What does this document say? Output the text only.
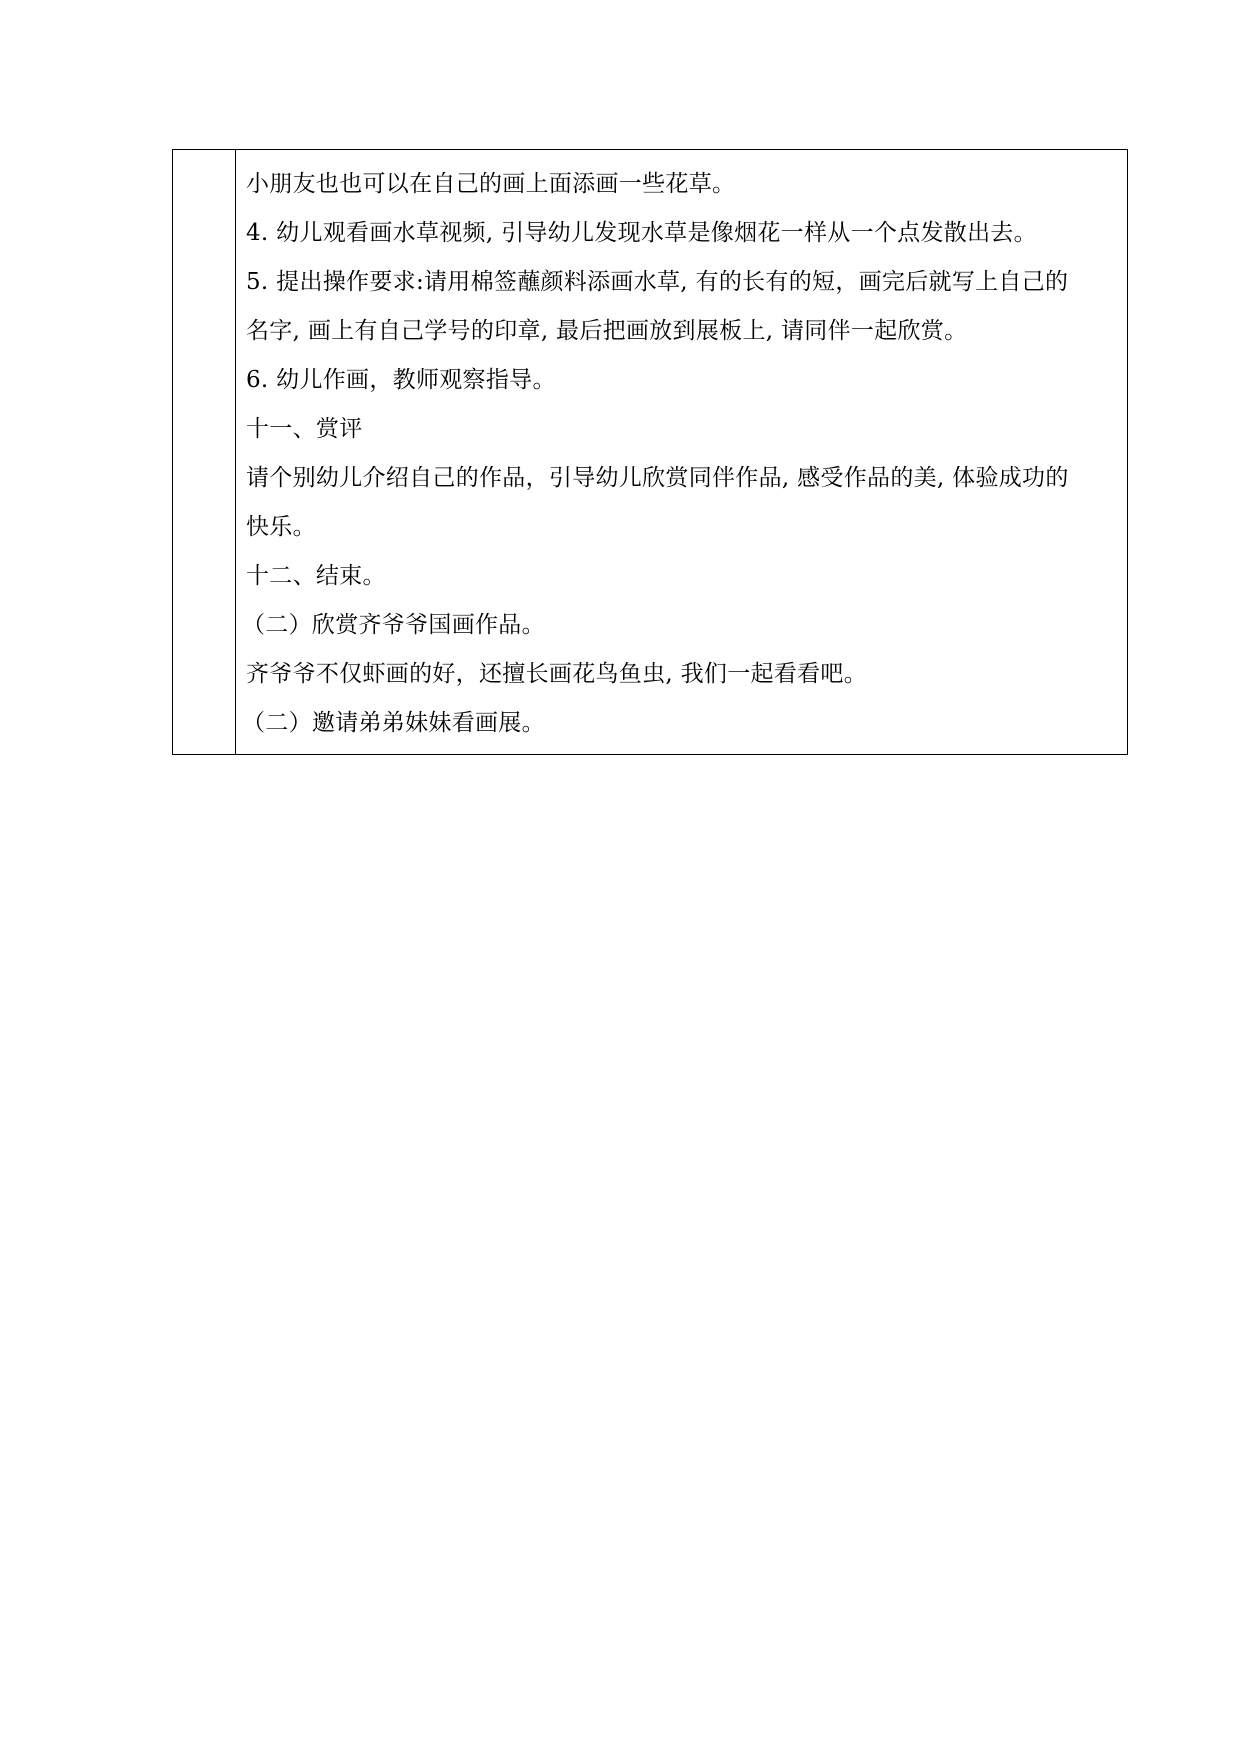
小朋友也也可以在自己的画上面添画一些花草。
4. 幼儿观看画水草视频, 引导幼儿发现水草是像烟花一样从一个点发散出去。
5. 提出操作要求:请用棉签蘸颜料添画水草, 有的长有的短，画完后就写上自己的
名字, 画上有自己学号的印章, 最后把画放到展板上, 请同伴一起欣赏。
6. 幼儿作画，教师观察指导。
十一、赏评
请个别幼儿介绍自己的作品，引导幼儿欣赏同伴作品, 感受作品的美, 体验成功的
快乐。
十二、结束。
（二）欣赏齐爷爷国画作品。
齐爷爷不仅虾画的好，还擅长画花鸟鱼虫, 我们一起看看吧。
（二）邀请弟弟妹妹看画展。
